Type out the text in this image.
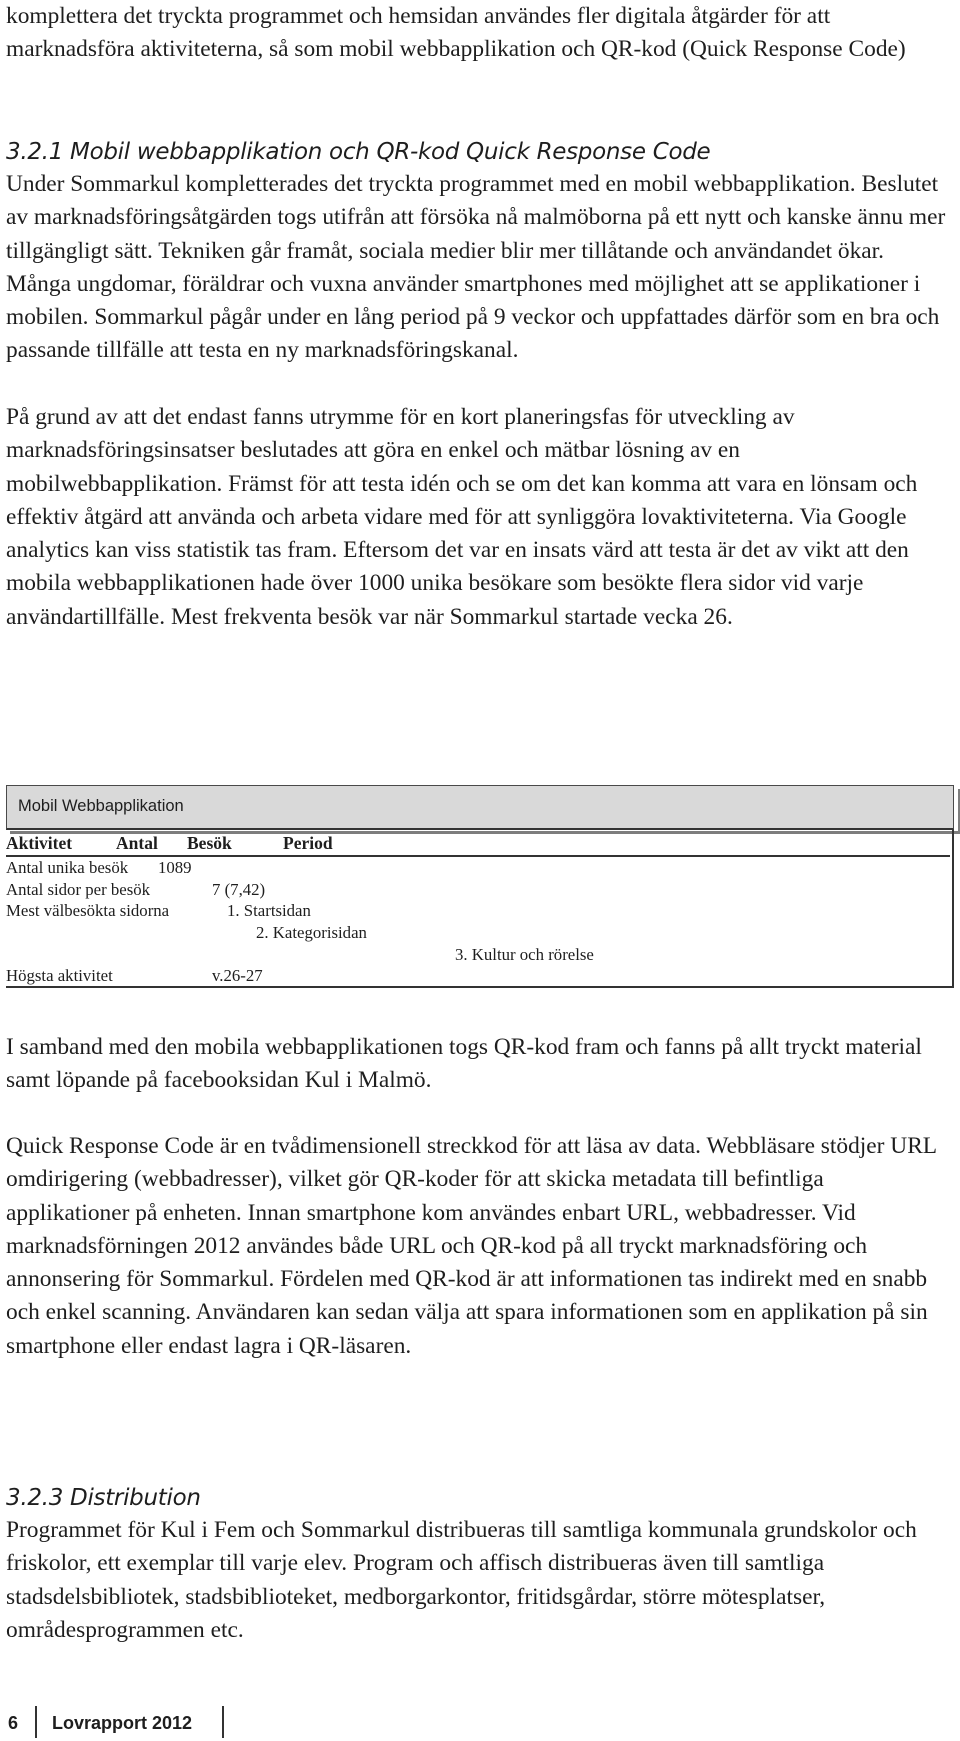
komplettera det tryckta programmet och hemsidan användes fler digitala åtgärder för att marknadsföra aktiviteterna, så som mobil webbapplikation och QR-kod (Quick Response Code)

3.2.1 Mobil webbapplikation och QR-kod Quick Response Code

Under Sommarkul kompletterades det tryckta programmet med en mobil webbapplikation. Beslutet av marknadsföringsåtgärden togs utifrån att försöka nå malmöborna på ett nytt och kanske ännu mer tillgängligt sätt. Tekniken går framåt, sociala medier blir mer tillåtande och användandet ökar. Många ungdomar, föräldrar och vuxna använder smartphones med möjlighet att se applikationer i mobilen. Sommarkul pågår under en lång period på 9 veckor och uppfattades därför som en bra och passande tillfälle att testa en ny marknadsföringskanal.

På grund av att det endast fanns utrymme för en kort planeringsfas för utveckling av marknadsföringsinsatser beslutades att göra en enkel och mätbar lösning av en mobilwebbapplikation. Främst för att testa idén och se om det kan komma att vara en lönsam och effektiv åtgärd att använda och arbeta vidare med för att synliggöra lovaktiviteterna. Via Google analytics kan viss statistik tas fram. Eftersom det var en insats värd att testa är det av vikt att den mobila webbapplikationen hade över 1000 unika besökare som besökte flera sidor vid varje användartillfälle. Mest frekventa besök var när Sommarkul startade vecka 26.

Mobil Webbapplikation
Aktivitet	Antal Besök	Period
Antal unika besök 1089
Antal sidor per besök	7 (7,42)
Mest välbesökta sidorna	1. Startsidan
2. Kategorisidan
3. Kultur och rörelse
Högsta aktivitet	v.26-27

I samband med den mobila webbapplikationen togs QR-kod fram och fanns på allt tryckt material samt löpande på facebooksidan Kul i Malmö.

Quick Response Code är en tvådimensionell streckkod för att läsa av data. Webbläsare stödjer URL omdirigering (webbadresser), vilket gör QR-koder för att skicka metadata till befintliga applikationer på enheten. Innan smartphone kom användes enbart URL, webbadresser. Vid marknadsförningen 2012 användes både URL och QR-kod på all tryckt marknadsföring och annonsering för Sommarkul. Fördelen med QR-kod är att informationen tas indirekt med en snabb och enkel scanning. Användaren kan sedan välja att spara informationen som en applikation på sin smartphone eller endast lagra i QR-läsaren.

3.2.3 Distribution

Programmet för Kul i Fem och Sommarkul distribueras till samtliga kommunala grundskolor och friskolor, ett exemplar till varje elev. Program och affisch distribueras även till samtliga stadsdelsbibliotek, stadsbiblioteket, medborgarkontor, fritidsgårdar, större mötesplatser, områdesprogrammen etc.

6 Lovrapport 2012
